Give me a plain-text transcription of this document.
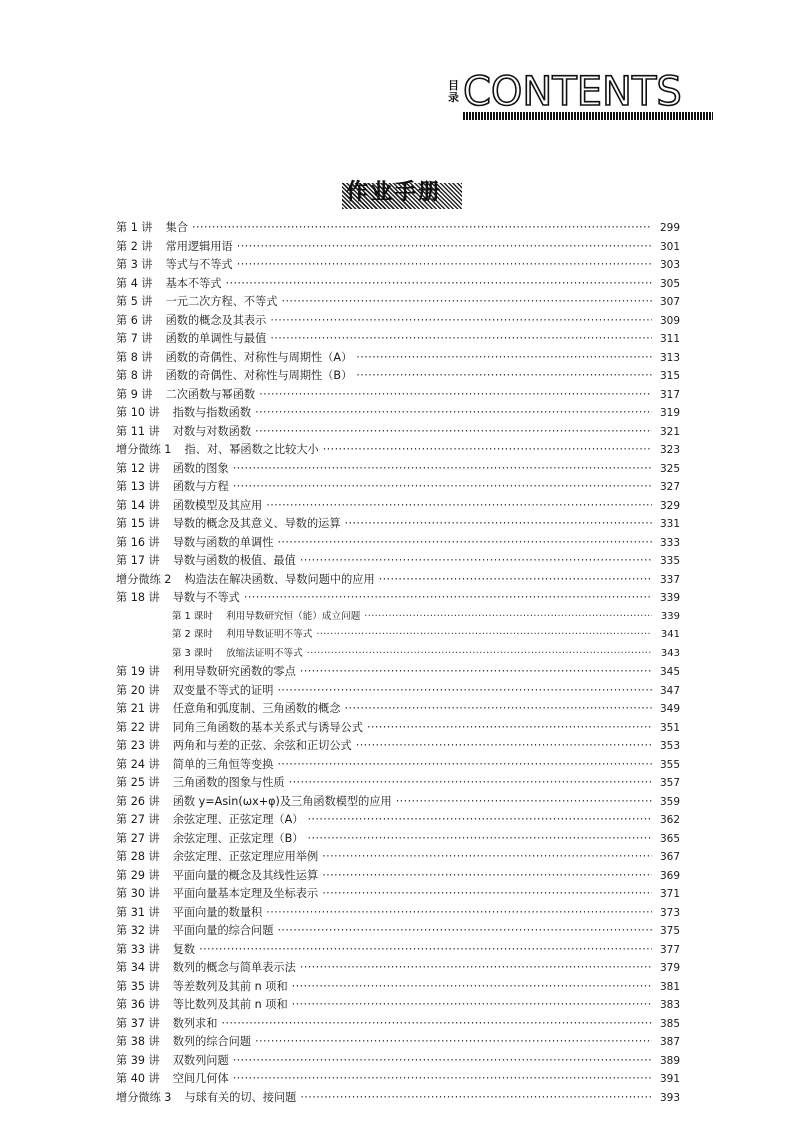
目录 CONTENTS
作业手册
第 1 讲	集合 ·····	299
第 2 讲	常用逻辑用语 ·····	301
第 3 讲	等式与不等式 ·····	303
第 4 讲	基本不等式 ·····	305
第 5 讲	一元二次方程、不等式 ·····	307
第 6 讲	函数的概念及其表示 ·····	309
第 7 讲	函数的单调性与最值 ·····	311
第 8 讲	函数的奇偶性、对称性与周期性（A） ·····	313
第 8 讲	函数的奇偶性、对称性与周期性（B） ·····	315
第 9 讲	二次函数与幂函数 ·····	317
第 10 讲	指数与指数函数 ·····	319
第 11 讲	对数与对数函数 ·····	321
增分微练 1	指、对、幂函数之比较大小 ·····	323
第 12 讲	函数的图象 ·····	325
第 13 讲	函数与方程 ·····	327
第 14 讲	函数模型及其应用 ·····	329
第 15 讲	导数的概念及其意义、导数的运算 ·····	331
第 16 讲	导数与函数的单调性 ·····	333
第 17 讲	导数与函数的极值、最值 ·····	335
增分微练 2	构造法在解决函数、导数问题中的应用 ·····	337
第 18 讲	导数与不等式 ·····	339
第 1 课时	利用导数研究恒（能）成立问题 ·····	339
第 2 课时	利用导数证明不等式 ·····	341
第 3 课时	放缩法证明不等式 ·····	343
第 19 讲	利用导数研究函数的零点 ·····	345
第 20 讲	双变量不等式的证明 ·····	347
第 21 讲	任意角和弧度制、三角函数的概念 ·····	349
第 22 讲	同角三角函数的基本关系式与诱导公式 ·····	351
第 23 讲	两角和与差的正弦、余弦和正切公式 ·····	353
第 24 讲	简单的三角恒等变换 ·····	355
第 25 讲	三角函数的图象与性质 ·····	357
第 26 讲	函数 y=Asin(ωx+φ)及三角函数模型的应用 ·····	359
第 27 讲	余弦定理、正弦定理（A） ·····	362
第 27 讲	余弦定理、正弦定理（B） ·····	365
第 28 讲	余弦定理、正弦定理应用举例 ·····	367
第 29 讲	平面向量的概念及其线性运算 ·····	369
第 30 讲	平面向量基本定理及坐标表示 ·····	371
第 31 讲	平面向量的数量积 ·····	373
第 32 讲	平面向量的综合问题 ·····	375
第 33 讲	复数 ·····	377
第 34 讲	数列的概念与简单表示法 ·····	379
第 35 讲	等差数列及其前 n 项和 ·····	381
第 36 讲	等比数列及其前 n 项和 ·····	383
第 37 讲	数列求和 ·····	385
第 38 讲	数列的综合问题 ·····	387
第 39 讲	双数列问题 ·····	389
第 40 讲	空间几何体 ·····	391
增分微练 3	与球有关的切、接问题 ·····	393
